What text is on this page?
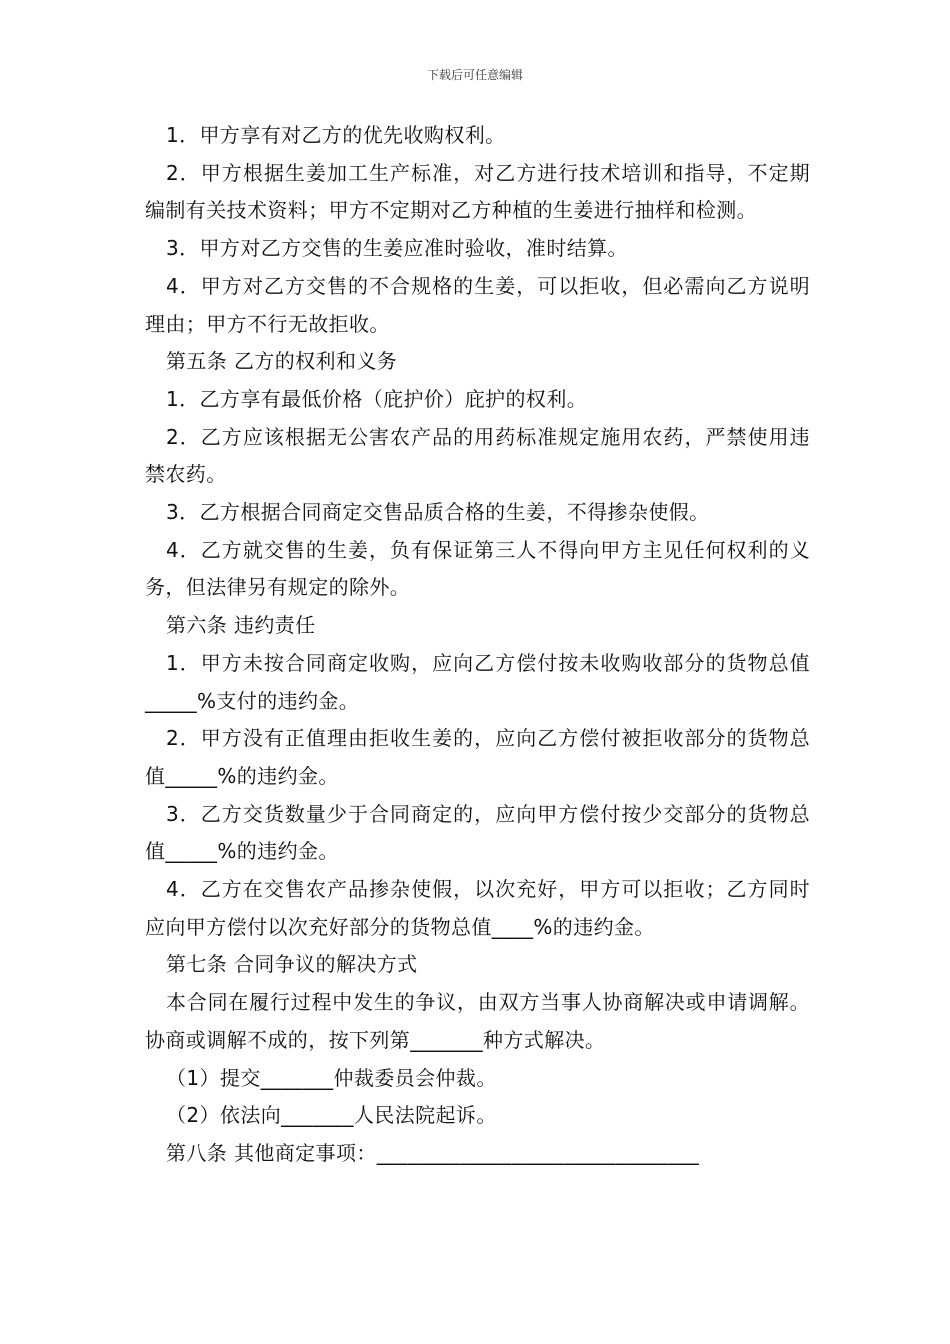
下载后可任意编辑

1．甲方享有对乙方的优先收购权利。

2．甲方根据生姜加工生产标准，对乙方进行技术培训和指导，不定期编制有关技术资料；甲方不定期对乙方种植的生姜进行抽样和检测。

3．甲方对乙方交售的生姜应准时验收，准时结算。

4．甲方对乙方交售的不合规格的生姜，可以拒收，但必需向乙方说明理由；甲方不行无故拒收。

第五条 乙方的权利和义务

1．乙方享有最低价格（庇护价）庇护的权利。

2．乙方应该根据无公害农产品的用药标准规定施用农药，严禁使用违禁农药。

3．乙方根据合同商定交售品质合格的生姜，不得掺杂使假。

4．乙方就交售的生姜，负有保证第三人不得向甲方主见任何权利的义务，但法律另有规定的除外。

第六条 违约责任

1．甲方未按合同商定收购，应向乙方偿付按未收购收部分的货物总值_____%支付的违约金。

2．甲方没有正值理由拒收生姜的，应向乙方偿付被拒收部分的货物总值_____%的违约金。

3．乙方交货数量少于合同商定的，应向甲方偿付按少交部分的货物总值_____%的违约金。

4．乙方在交售农产品掺杂使假，以次充好，甲方可以拒收；乙方同时应向甲方偿付以次充好部分的货物总值____%的违约金。

第七条 合同争议的解决方式

本合同在履行过程中发生的争议，由双方当事人协商解决或申请调解。协商或调解不成的，按下列第_______种方式解决。

（1）提交_______仲裁委员会仲裁。

（2）依法向_______人民法院起诉。

第八条 其他商定事项：_______________________________
